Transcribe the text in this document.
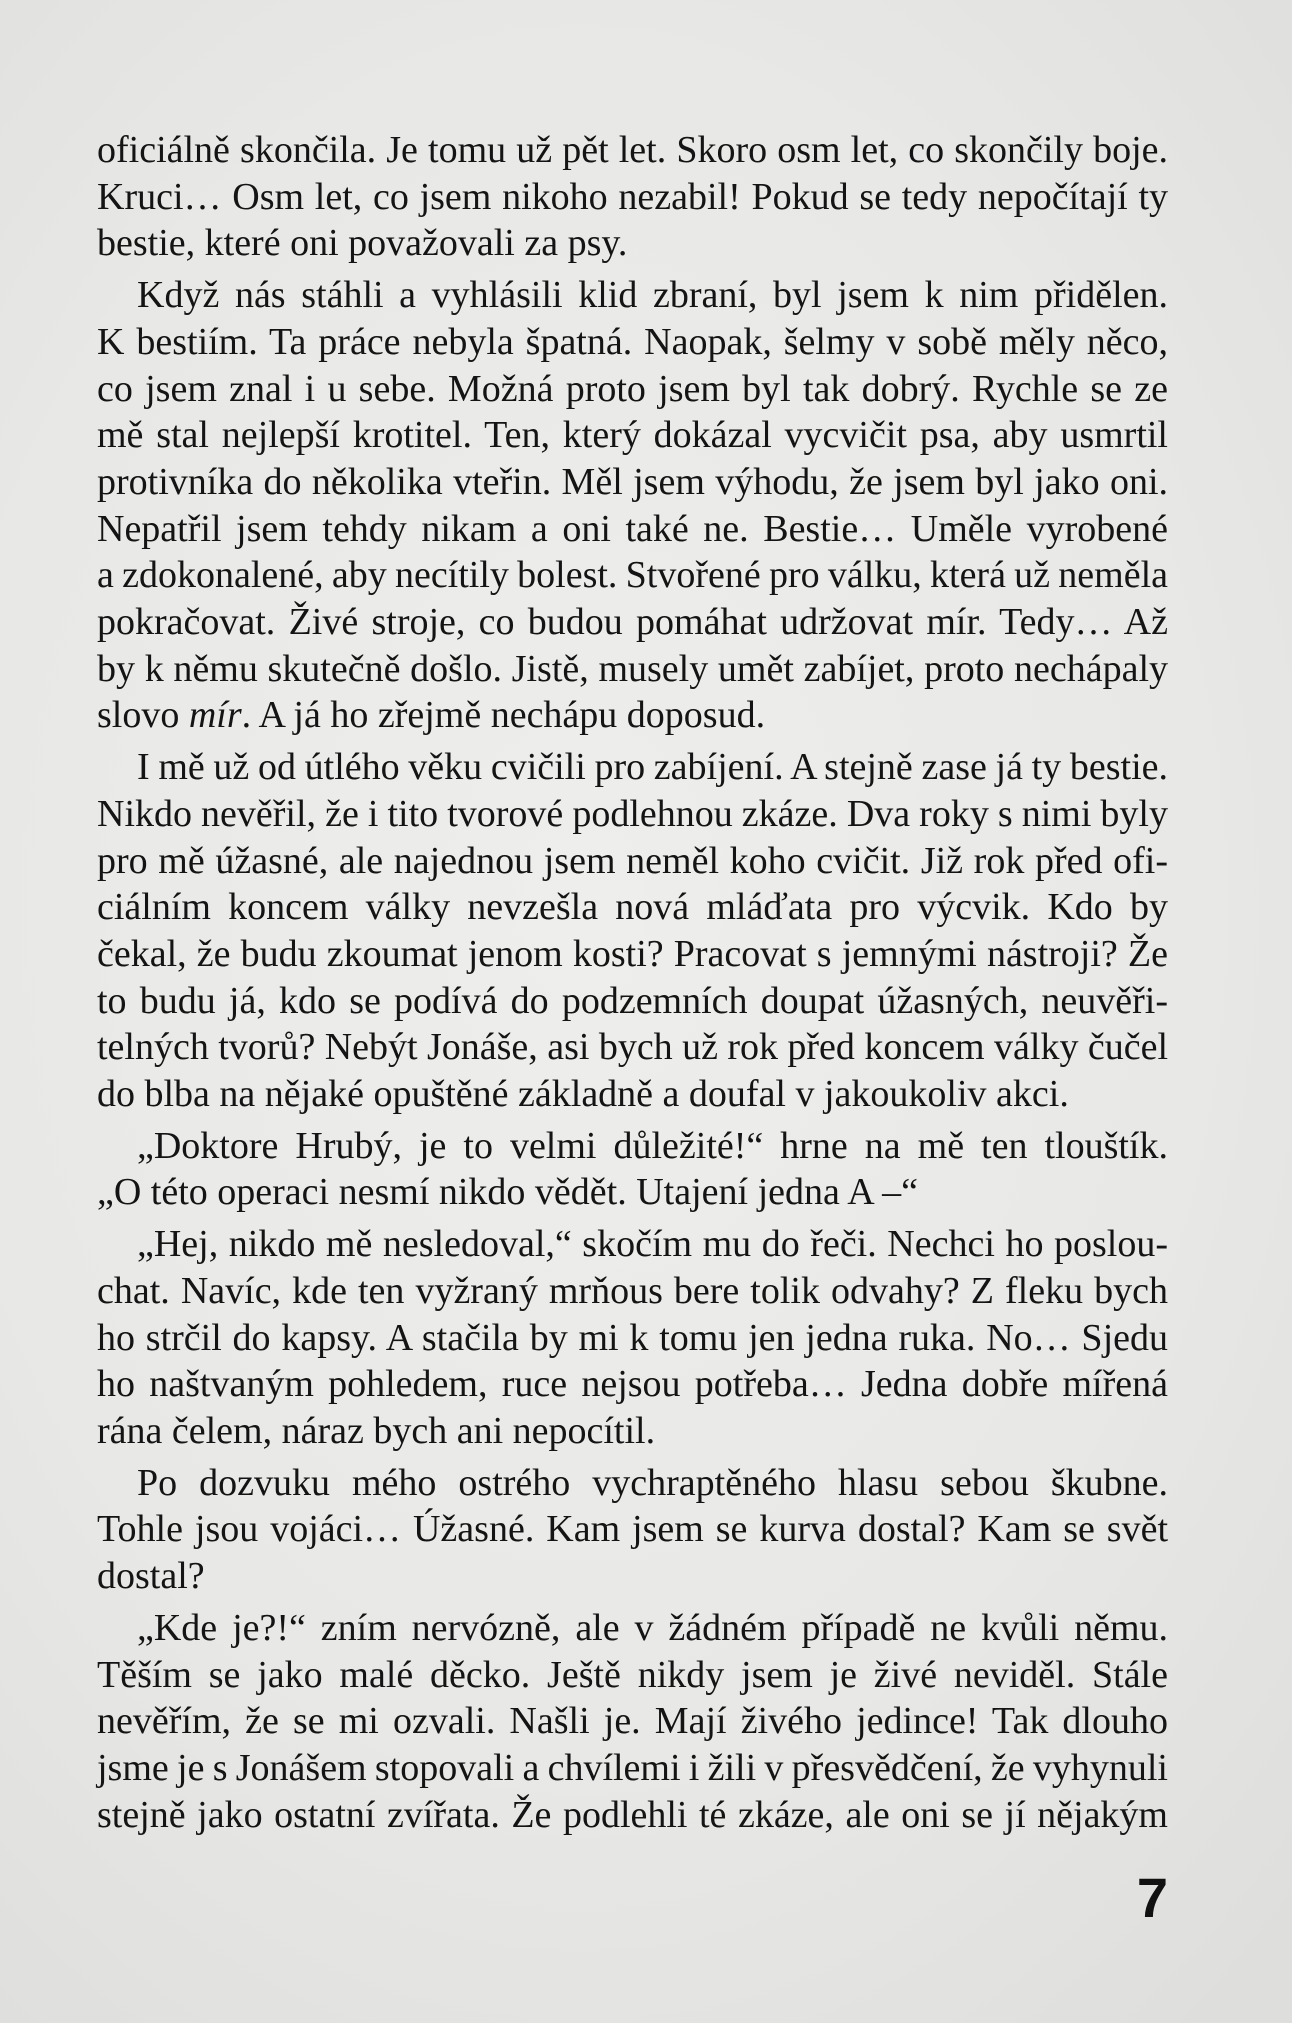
oficiálně skončila. Je tomu už pět let. Skoro osm let, co skončily boje.
Kruci… Osm let, co jsem nikoho nezabil! Pokud se tedy nepočítají ty
bestie, které oni považovali za psy.
Když nás stáhli a vyhlásili klid zbraní, byl jsem k nim přidělen.
K bestiím. Ta práce nebyla špatná. Naopak, šelmy v sobě měly něco,
co jsem znal i u sebe. Možná proto jsem byl tak dobrý. Rychle se ze
mě stal nejlepší krotitel. Ten, který dokázal vycvičit psa, aby usmrtil
protivníka do několika vteřin. Měl jsem výhodu, že jsem byl jako oni.
Nepatřil jsem tehdy nikam a oni také ne. Bestie… Uměle vyrobené
a zdokonalené, aby necítily bolest. Stvořené pro válku, která už neměla
pokračovat. Živé stroje, co budou pomáhat udržovat mír. Tedy… Až
by k němu skutečně došlo. Jistě, musely umět zabíjet, proto nechápaly
slovo mír. A já ho zřejmě nechápu doposud.
I mě už od útlého věku cvičili pro zabíjení. A stejně zase já ty bestie.
Nikdo nevěřil, že i tito tvorové podlehnou zkáze. Dva roky s nimi byly
pro mě úžasné, ale najednou jsem neměl koho cvičit. Již rok před ofi-
ciálním koncem války nevzešla nová mláďata pro výcvik. Kdo by
čekal, že budu zkoumat jenom kosti? Pracovat s jemnými nástroji? Že
to budu já, kdo se podívá do podzemních doupat úžasných, neuvěři-
telných tvorů? Nebýt Jonáše, asi bych už rok před koncem války čučel
do blba na nějaké opuštěné základně a doufal v jakoukoliv akci.
„Doktore Hrubý, je to velmi důležité!“ hrne na mě ten tlouštík.
„O této operaci nesmí nikdo vědět. Utajení jedna A –“
„Hej, nikdo mě nesledoval,“ skočím mu do řeči. Nechci ho poslou-
chat. Navíc, kde ten vyžraný mrňous bere tolik odvahy? Z fleku bych
ho strčil do kapsy. A stačila by mi k tomu jen jedna ruka. No… Sjedu
ho naštvaným pohledem, ruce nejsou potřeba… Jedna dobře mířená
rána čelem, náraz bych ani nepocítil.
Po dozvuku mého ostrého vychraptěného hlasu sebou škubne.
Tohle jsou vojáci… Úžasné. Kam jsem se kurva dostal? Kam se svět
dostal?
„Kde je?!“ zním nervózně, ale v žádném případě ne kvůli němu.
Těším se jako malé děcko. Ještě nikdy jsem je živé neviděl. Stále
nevěřím, že se mi ozvali. Našli je. Mají živého jedince! Tak dlouho
jsme je s Jonášem stopovali a chvílemi i žili v přesvědčení, že vyhynuli
stejně jako ostatní zvířata. Že podlehli té zkáze, ale oni se jí nějakým
7
